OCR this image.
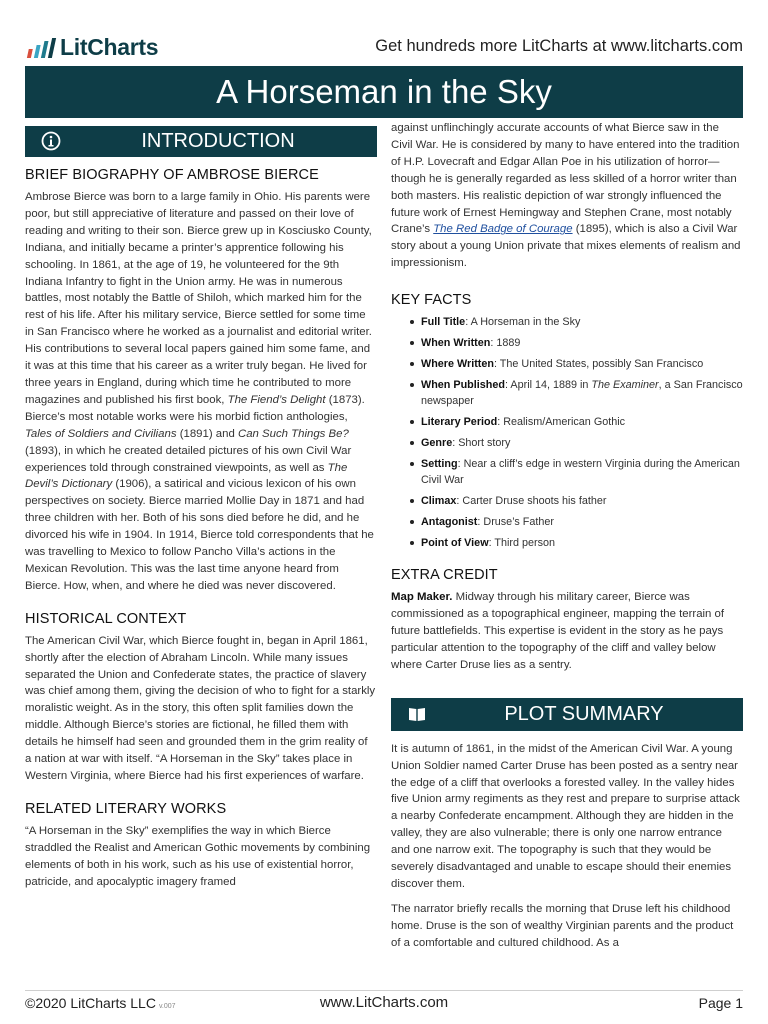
LitCharts	Get hundreds more LitCharts at www.litcharts.com
A Horseman in the Sky
INTRODUCTION
BRIEF BIOGRAPHY OF AMBROSE BIERCE

Ambrose Bierce was born to a large family in Ohio. His parents were poor, but still appreciative of literature and passed on their love of reading and writing to their son. Bierce grew up in Kosciusko County, Indiana, and initially became a printer’s apprentice following his schooling. In 1861, at the age of 19, he volunteered for the 9th Indiana Infantry to fight in the Union army. He was in numerous battles, most notably the Battle of Shiloh, which marked him for the rest of his life. After his military service, Bierce settled for some time in San Francisco where he worked as a journalist and editorial writer. His contributions to several local papers gained him some fame, and it was at this time that his career as a writer truly began. He lived for three years in England, during which time he contributed to more magazines and published his first book, The Fiend’s Delight (1873). Bierce’s most notable works were his morbid fiction anthologies, Tales of Soldiers and Civilians (1891) and Can Such Things Be? (1893), in which he created detailed pictures of his own Civil War experiences told through constrained viewpoints, as well as The Devil’s Dictionary (1906), a satirical and vicious lexicon of his own perspectives on society. Bierce married Mollie Day in 1871 and had three children with her. Both of his sons died before he did, and he divorced his wife in 1904. In 1914, Bierce told correspondents that he was travelling to Mexico to follow Pancho Villa’s actions in the Mexican Revolution. This was the last time anyone heard from Bierce. How, when, and where he died was never discovered.

HISTORICAL CONTEXT

The American Civil War, which Bierce fought in, began in April 1861, shortly after the election of Abraham Lincoln. While many issues separated the Union and Confederate states, the practice of slavery was chief among them, giving the decision of who to fight for a starkly moralistic weight. As in the story, this often split families down the middle. Although Bierce’s stories are fictional, he filled them with details he himself had seen and grounded them in the grim reality of a nation at war with itself. “A Horseman in the Sky” takes place in Western Virginia, where Bierce had his first experiences of warfare.

RELATED LITERARY WORKS

“A Horseman in the Sky” exemplifies the way in which Bierce straddled the Realist and American Gothic movements by combining elements of both in his work, such as his use of existential horror, patricide, and apocalyptic imagery framed

against unflinchingly accurate accounts of what Bierce saw in the Civil War. He is considered by many to have entered into the tradition of H.P. Lovecraft and Edgar Allan Poe in his utilization of horror—though he is generally regarded as less skilled of a horror writer than both masters. His realistic depiction of war strongly influenced the future work of Ernest Hemingway and Stephen Crane, most notably Crane’s The Red Badge of Courage (1895), which is also a Civil War story about a young Union private that mixes elements of realism and impressionism.

KEY FACTS
Full Title: A Horseman in the Sky
When Written: 1889
Where Written: The United States, possibly San Francisco
When Published: April 14, 1889 in The Examiner, a San Francisco newspaper
Literary Period: Realism/American Gothic
Genre: Short story
Setting: Near a cliff’s edge in western Virginia during the American Civil War
Climax: Carter Druse shoots his father
Antagonist: Druse’s Father
Point of View: Third person
EXTRA CREDIT

Map Maker. Midway through his military career, Bierce was commissioned as a topographical engineer, mapping the terrain of future battlefields. This expertise is evident in the story as he pays particular attention to the topography of the cliff and valley below where Carter Druse lies as a sentry.

PLOT SUMMARY

It is autumn of 1861, in the midst of the American Civil War. A young Union Soldier named Carter Druse has been posted as a sentry near the edge of a cliff that overlooks a forested valley. In the valley hides five Union army regiments as they rest and prepare to surprise attack a nearby Confederate encampment. Although they are hidden in the valley, they are also vulnerable; there is only one narrow entrance and one narrow exit. The topography is such that they would be severely disadvantaged and unable to escape should their enemies discover them.

The narrator briefly recalls the morning that Druse left his childhood home. Druse is the son of wealthy Virginian parents and the product of a comfortable and cultured childhood. As a

©2020 LitCharts LLC v.007	www.LitCharts.com	Page 1
